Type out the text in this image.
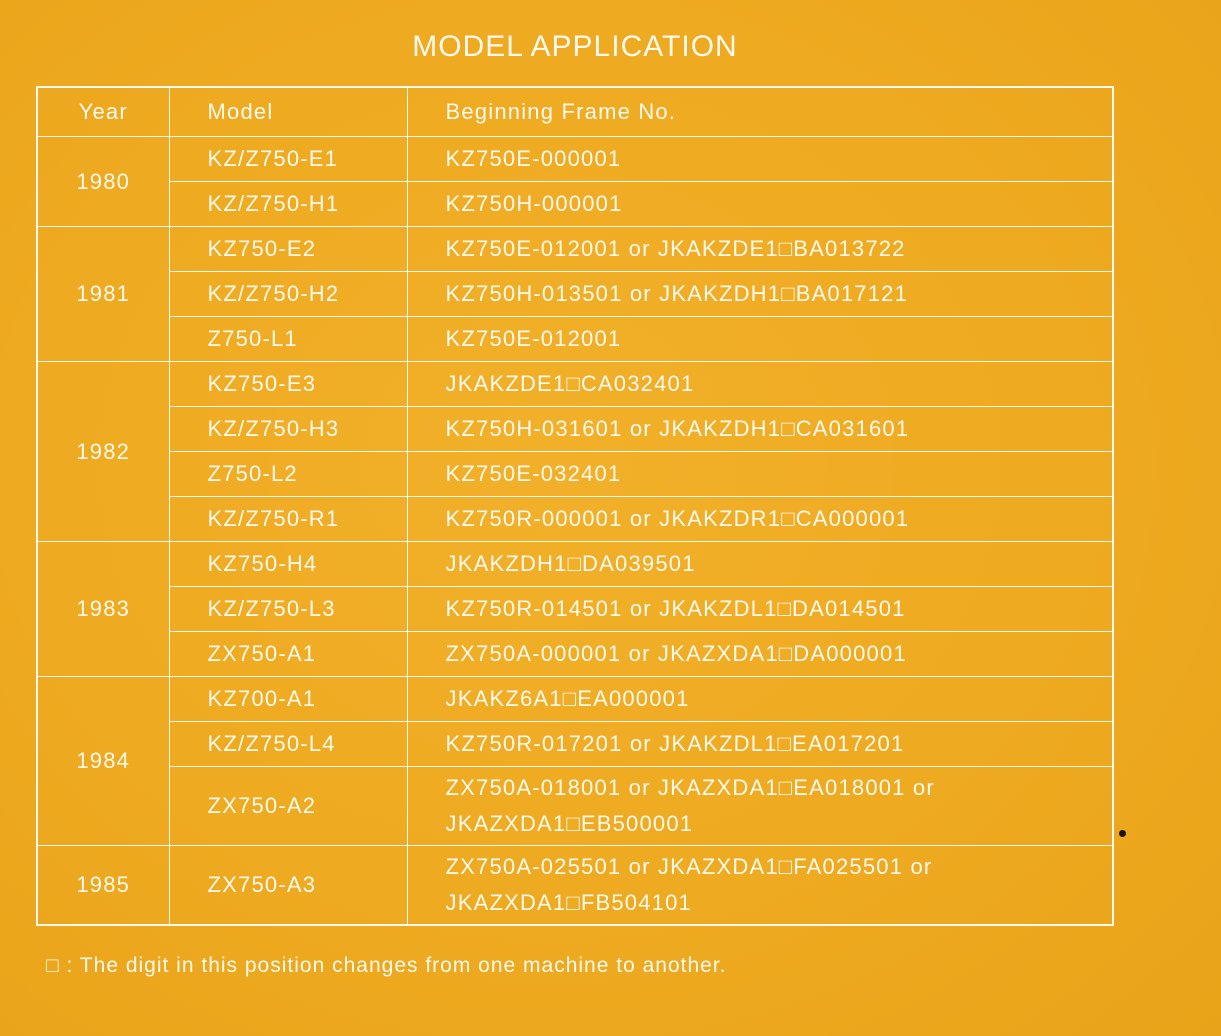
MODEL APPLICATION
Year	Model	Beginning Frame No.
1980	KZ/Z750-E1	KZ750E-000001

	KZ/Z750-H1	KZ750H-000001

1981	KZ750-E2	KZ750E-012001 or JKAKZDE1□BA013722

	KZ/Z750-H2	KZ750H-013501 or JKAKZDH1□BA017121

	Z750-L1	KZ750E-012001

1982	KZ750-E3	JKAKZDE1□CA032401

	KZ/Z750-H3	KZ750H-031601 or JKAKZDH1□CA031601

	Z750-L2	KZ750E-032401

	KZ/Z750-R1	KZ750R-000001 or JKAKZDR1□CA000001

1983	KZ750-H4	JKAKZDH1□DA039501

	KZ/Z750-L3	KZ750R-014501 or JKAKZDL1□DA014501

	ZX750-A1	ZX750A-000001 or JKAZXDA1□DA000001

1984	KZ700-A1	JKAKZ6A1□EA000001

	KZ/Z750-L4	KZ750R-017201 or JKAKZDL1□EA017201

	ZX750-A2	ZX750A-018001 or JKAZXDA1□EA018001 or
JKAZXDA1□EB500001

1985	ZX750-A3	ZX750A-025501 or JKAZXDA1□FA025501 or
JKAZXDA1□FB504101
□ : The digit in this position changes from one machine to another.
